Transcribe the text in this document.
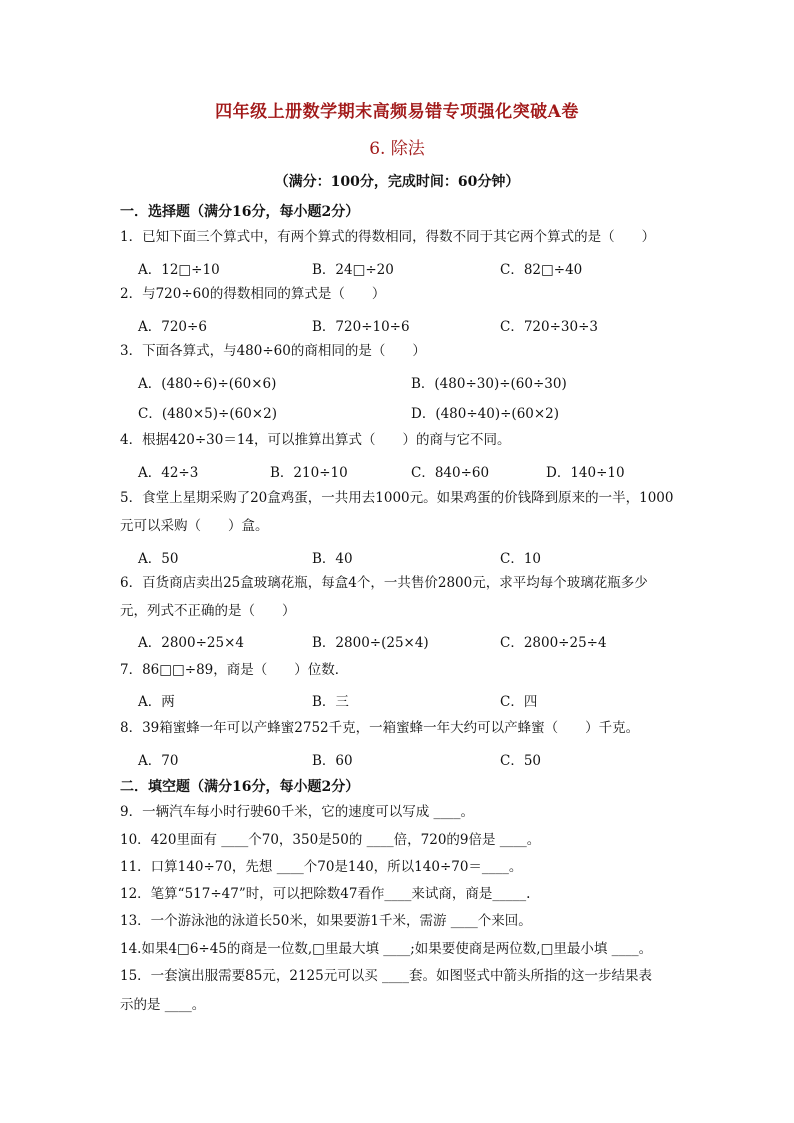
四年级上册数学期末高频易错专项强化突破A卷
6. 除法
（满分：100分，完成时间：60分钟）
一．选择题（满分16分，每小题2分）
1．已知下面三个算式中，有两个算式的得数相同，得数不同于其它两个算式的是（　　）
A．12□÷10	B．24□÷20	C．82□÷40
2．与720÷60的得数相同的算式是（　　）
A．720÷6	B．720÷10÷6	C．720÷30÷3
3．下面各算式，与480÷60的商相同的是（　　）
A．(480÷6)÷(60×6)	B．(480÷30)÷(60÷30)
C．(480×5)÷(60×2)	D．(480÷40)÷(60×2)
4．根据420÷30＝14，可以推算出算式（　　）的商与它不同。
A．42÷3	B．210÷10	C．840÷60	D．140÷10
5．食堂上星期采购了20盒鸡蛋，一共用去1000元。如果鸡蛋的价钱降到原来的一半，1000
元可以采购（　　）盒。
A．50	B．40	C．10
6．百货商店卖出25盒玻璃花瓶，每盒4个，一共售价2800元，求平均每个玻璃花瓶多少
元，列式不正确的是（　　）
A．2800÷25×4	B．2800÷(25×4)	C．2800÷25÷4
7．86□□÷89，商是（　　）位数．
A．两	B．三	C．四
8．39箱蜜蜂一年可以产蜂蜜2752千克，一箱蜜蜂一年大约可以产蜂蜜（　　）千克。
A．70	B．60	C．50
二．填空题（满分16分，每小题2分）
9．一辆汽车每小时行驶60千米，它的速度可以写成 ____。
10．420里面有 ____个70，350是50的 ____倍，720的9倍是 ____。
11．口算140÷70，先想 ____个70是140，所以140÷70＝____。
12．笔算“517÷47”时，可以把除数47看作____来试商，商是_____.
13．一个游泳池的泳道长50米，如果要游1千米，需游 ____个来回。
14.如果4□6÷45的商是一位数,□里最大填 ____;如果要使商是两位数,□里最小填 ____。
15．一套演出服需要85元，2125元可以买 ____套。如图竖式中箭头所指的这一步结果表
示的是 ____。
